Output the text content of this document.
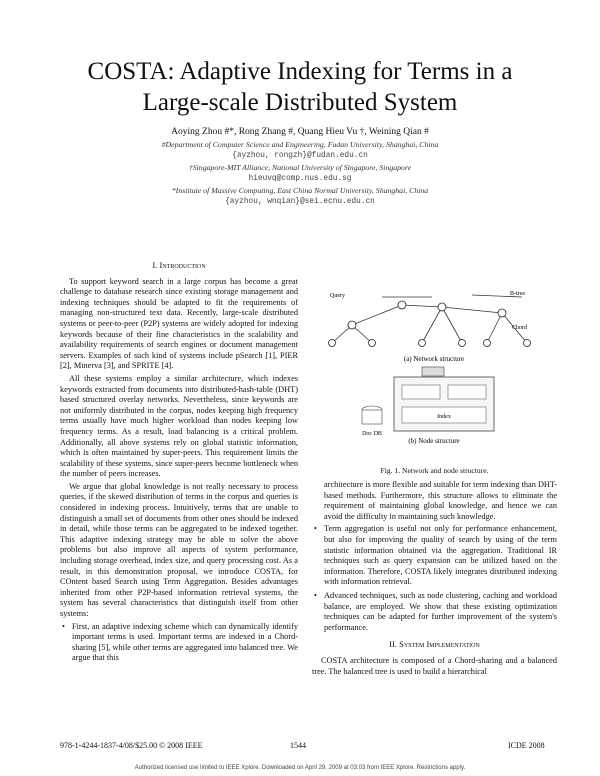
COSTA: Adaptive Indexing for Terms in a
Large-scale Distributed System
Aoying Zhou #*, Rong Zhang #, Quang Hieu Vu †, Weining Qian #
#Department of Computer Science and Engineering, Fudan University, Shanghai, China
{ayzhou, rongzh}@fudan.edu.cn
†Singapore-MIT Alliance, National University of Singapore, Singapore
hieuvq@comp.nus.edu.sg
*Institute of Massive Computing, East China Normal University, Shanghai, China
{ayzhou, wnqian}@sei.ecnu.edu.cn
I. Introduction

To support keyword search in a large corpus has become a great challenge to database research since existing storage management and indexing techniques should be adapted to fit the requirements of managing non-structured text data. Recently, large-scale distributed systems or peer-to-peer (P2P) systems are widely adopted for indexing keywords because of their fine characteristics in the scalability and availability requirements of search engines or document management servers. Examples of such kind of systems include pSearch [1], PIER [2], Minerva [3], and SPRITE [4].

All these systems employ a similar architecture, which indexes keywords extracted from documents into distributed-hash-table (DHT) based structured overlay networks. Nevertheless, since keywords are not uniformly distributed in the corpus, nodes keeping high frequency terms usually have much higher workload than nodes keeping low frequency terms. As a result, load balancing is a critical problem. Additionally, all above systems rely on global statistic information, which is often maintained by super-peers. This requirement limits the scalability of these systems, since super-peers become bottleneck when the number of peers increases.

We argue that global knowledge is not really necessary to process queries, if the skewed distribution of terms in the corpus and queries is considered in indexing process. Intuitively, terms that are unable to distinguish a small set of documents from other ones should be indexed in detail, while those terms can be aggregated to be indexed together. This adaptive indexing strategy may be able to solve the above problems but also improve all aspects of system performance, including storage overhead, index size, and query processing cost. As a result, in this demonstration proposal, we introduce COSTA, for COntent based Search using Term Aggregation. Besides advantages inherited from other P2P-based information retrieval systems, the system has several characteristics that distinguish itself from other systems:

• First, an adaptive indexing scheme which can dynamically identify important terms is used. Important terms are indexed in a Chord-sharing [5], while other terms are aggregated into balanced tree. We argue that this
Query	B-tree
Chord
(a) Network structure
Index
Doc DB
(b) Node structure
Fig. 1. Network and node structure.

architecture is more flexible and suitable for term indexing than DHT-based methods. Furthermore, this structure allows to eliminate the requirement of maintaining global knowledge, and hence we can avoid the difficulty in maintaining such knowledge.

• Term aggregation is useful not only for performance enhancement, but also for improving the quality of search by using of the term statistic information obtained via the aggregation. Traditional IR techniques such as query expansion can be utilized based on the information. Therefore, COSTA likely integrates distributed indexing with information retrieval.
• Advanced techniques, such as node clustering, caching and workload balance, are employed. We show that these existing optimization techniques can be adapted for further improvement of the system's performance.
II. System Implementation

COSTA architecture is composed of a Chord-sharing and a balanced tree. The balanced tree is used to build a hierarchical

978-1-4244-1837-4/08/$25.00 © 2008 IEEE	1544	ICDE 2008
Authorized licensed use limited to IEEE Xplore. Downloaded on April 29, 2009 at 03:03 from IEEE Xplore. Restrictions apply.
